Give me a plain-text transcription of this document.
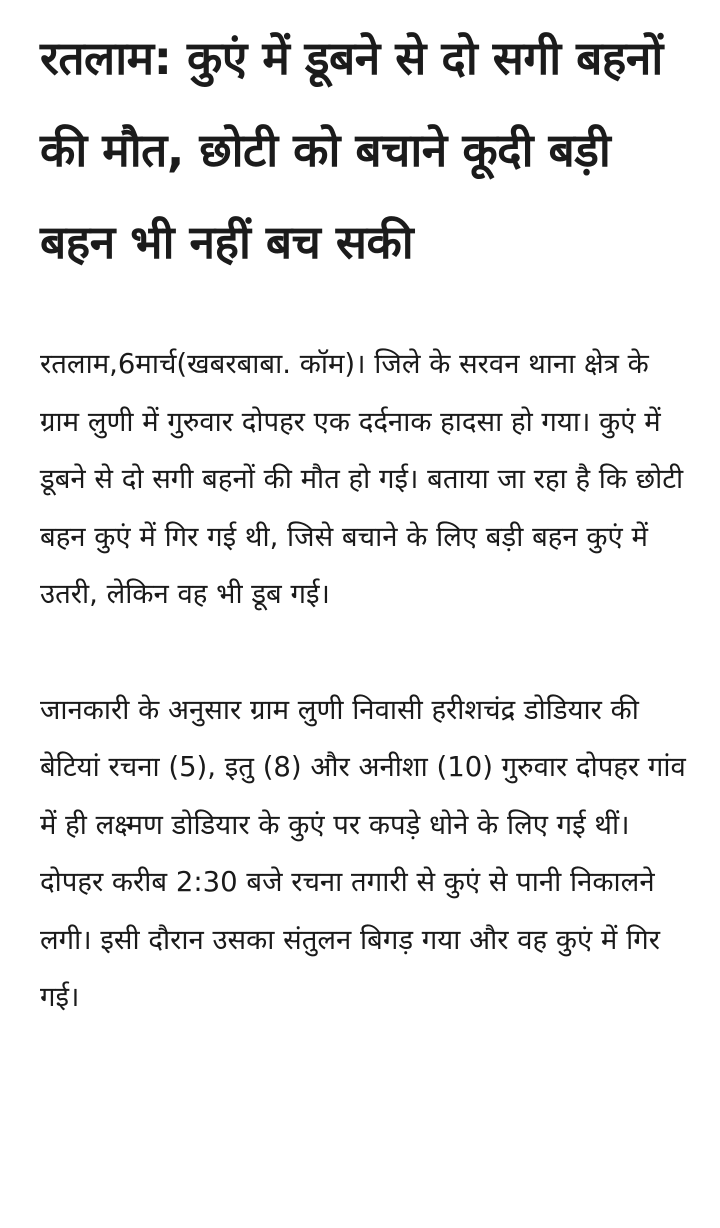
रतलाम: कुएं में डूबने से दो सगी बहनों की मौत, छोटी को बचाने कूदी बड़ी बहन भी नहीं बच सकी

रतलाम,6मार्च(खबरबाबा. कॉम)। जिले के सरवन थाना क्षेत्र के ग्राम लुणी में गुरुवार दोपहर एक दर्दनाक हादसा हो गया। कुएं में डूबने से दो सगी बहनों की मौत हो गई। बताया जा रहा है कि छोटी बहन कुएं में गिर गई थी, जिसे बचाने के लिए बड़ी बहन कुएं में उतरी, लेकिन वह भी डूब गई।

जानकारी के अनुसार ग्राम लुणी निवासी हरीशचंद्र डोडियार की बेटियां रचना (5), इतु (8) और अनीशा (10) गुरुवार दोपहर गांव में ही लक्ष्मण डोडियार के कुएं पर कपड़े धोने के लिए गई थीं। दोपहर करीब 2:30 बजे रचना तगारी से कुएं से पानी निकालने लगी। इसी दौरान उसका संतुलन बिगड़ गया और वह कुएं में गिर गई।
